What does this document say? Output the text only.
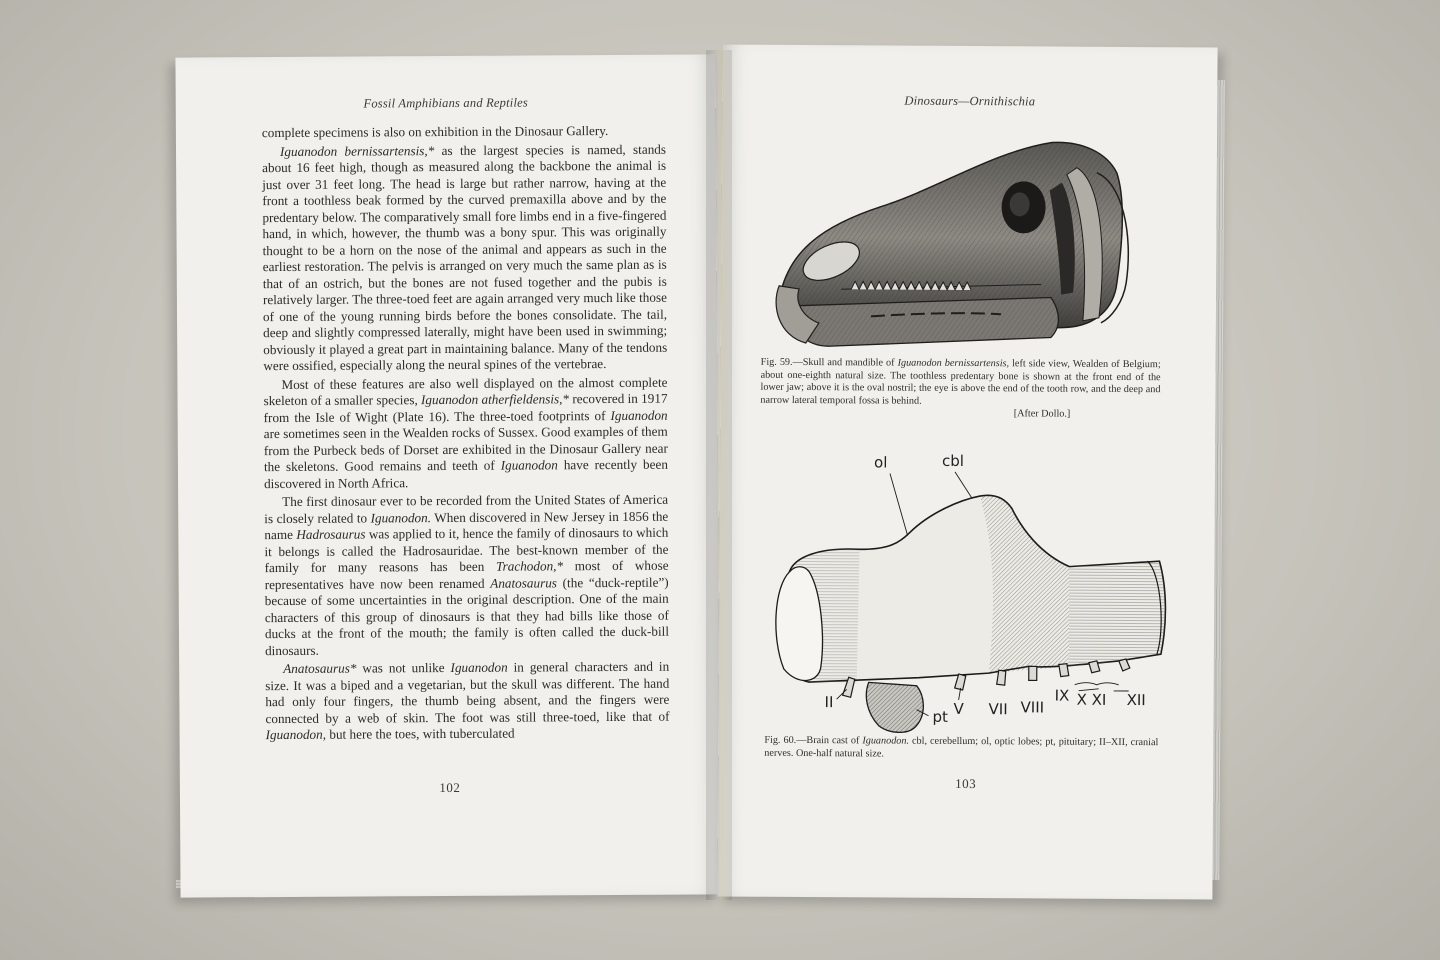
Fossil Amphibians and Reptiles

complete specimens is also on exhibition in the Dinosaur Gallery.

Iguanodon bernissartensis,* as the largest species is named, stands about 16 feet high, though as measured along the backbone the animal is just over 31 feet long. The head is large but rather narrow, having at the front a toothless beak formed by the curved premaxilla above and by the predentary below. The comparatively small fore limbs end in a five-fingered hand, in which, however, the thumb was a bony spur. This was originally thought to be a horn on the nose of the animal and appears as such in the earliest restoration. The pelvis is arranged on very much the same plan as is that of an ostrich, but the bones are not fused together and the pubis is relatively larger. The three-toed feet are again arranged very much like those of one of the young running birds before the bones consolidate. The tail, deep and slightly compressed laterally, might have been used in swimming; obviously it played a great part in maintaining balance. Many of the tendons were ossified, especially along the neural spines of the vertebrae.

Most of these features are also well displayed on the almost complete skeleton of a smaller species, Iguanodon atherfieldensis,* recovered in 1917 from the Isle of Wight (Plate 16). The three-toed footprints of Iguanodon are sometimes seen in the Wealden rocks of Sussex. Good examples of them from the Purbeck beds of Dorset are exhibited in the Dinosaur Gallery near the skeletons. Good remains and teeth of Iguanodon have recently been discovered in North Africa.

The first dinosaur ever to be recorded from the United States of America is closely related to Iguanodon. When discovered in New Jersey in 1856 the name Hadrosaurus was applied to it, hence the family of dinosaurs to which it belongs is called the Hadrosauridae. The best-known member of the family for many reasons has been Trachodon,* most of whose representatives have now been renamed Anatosaurus (the “duck-reptile”) because of some uncertainties in the original description. One of the main characters of this group of dinosaurs is that they had bills like those of ducks at the front of the mouth; the family is often called the duck-bill dinosaurs.

Anatosaurus* was not unlike Iguanodon in general characters and in size. It was a biped and a vegetarian, but the skull was different. The hand had only four fingers, the thumb being absent, and the fingers were connected by a web of skin. The foot was still three-toed, like that of Iguanodon, but here the toes, with tuberculated

102
Dinosaurs—Ornithischia
Fig. 59.—Skull and mandible of Iguanodon bernissartensis, left side view, Wealden of Belgium; about one-eighth natural size. The toothless predentary bone is shown at the front end of the lower jaw; above it is the oval nostril; the eye is above the end of the tooth row, and the deep and narrow lateral temporal fossa is behind.
[After Dollo.]
ol	cbl
pt
II	V VII VIII
IX X XI XII
Fig. 60.—Brain cast of Iguanodon. cbl, cerebellum; ol, optic lobes; pt, pituitary; II–XII, cranial nerves. One-half natural size.
103
